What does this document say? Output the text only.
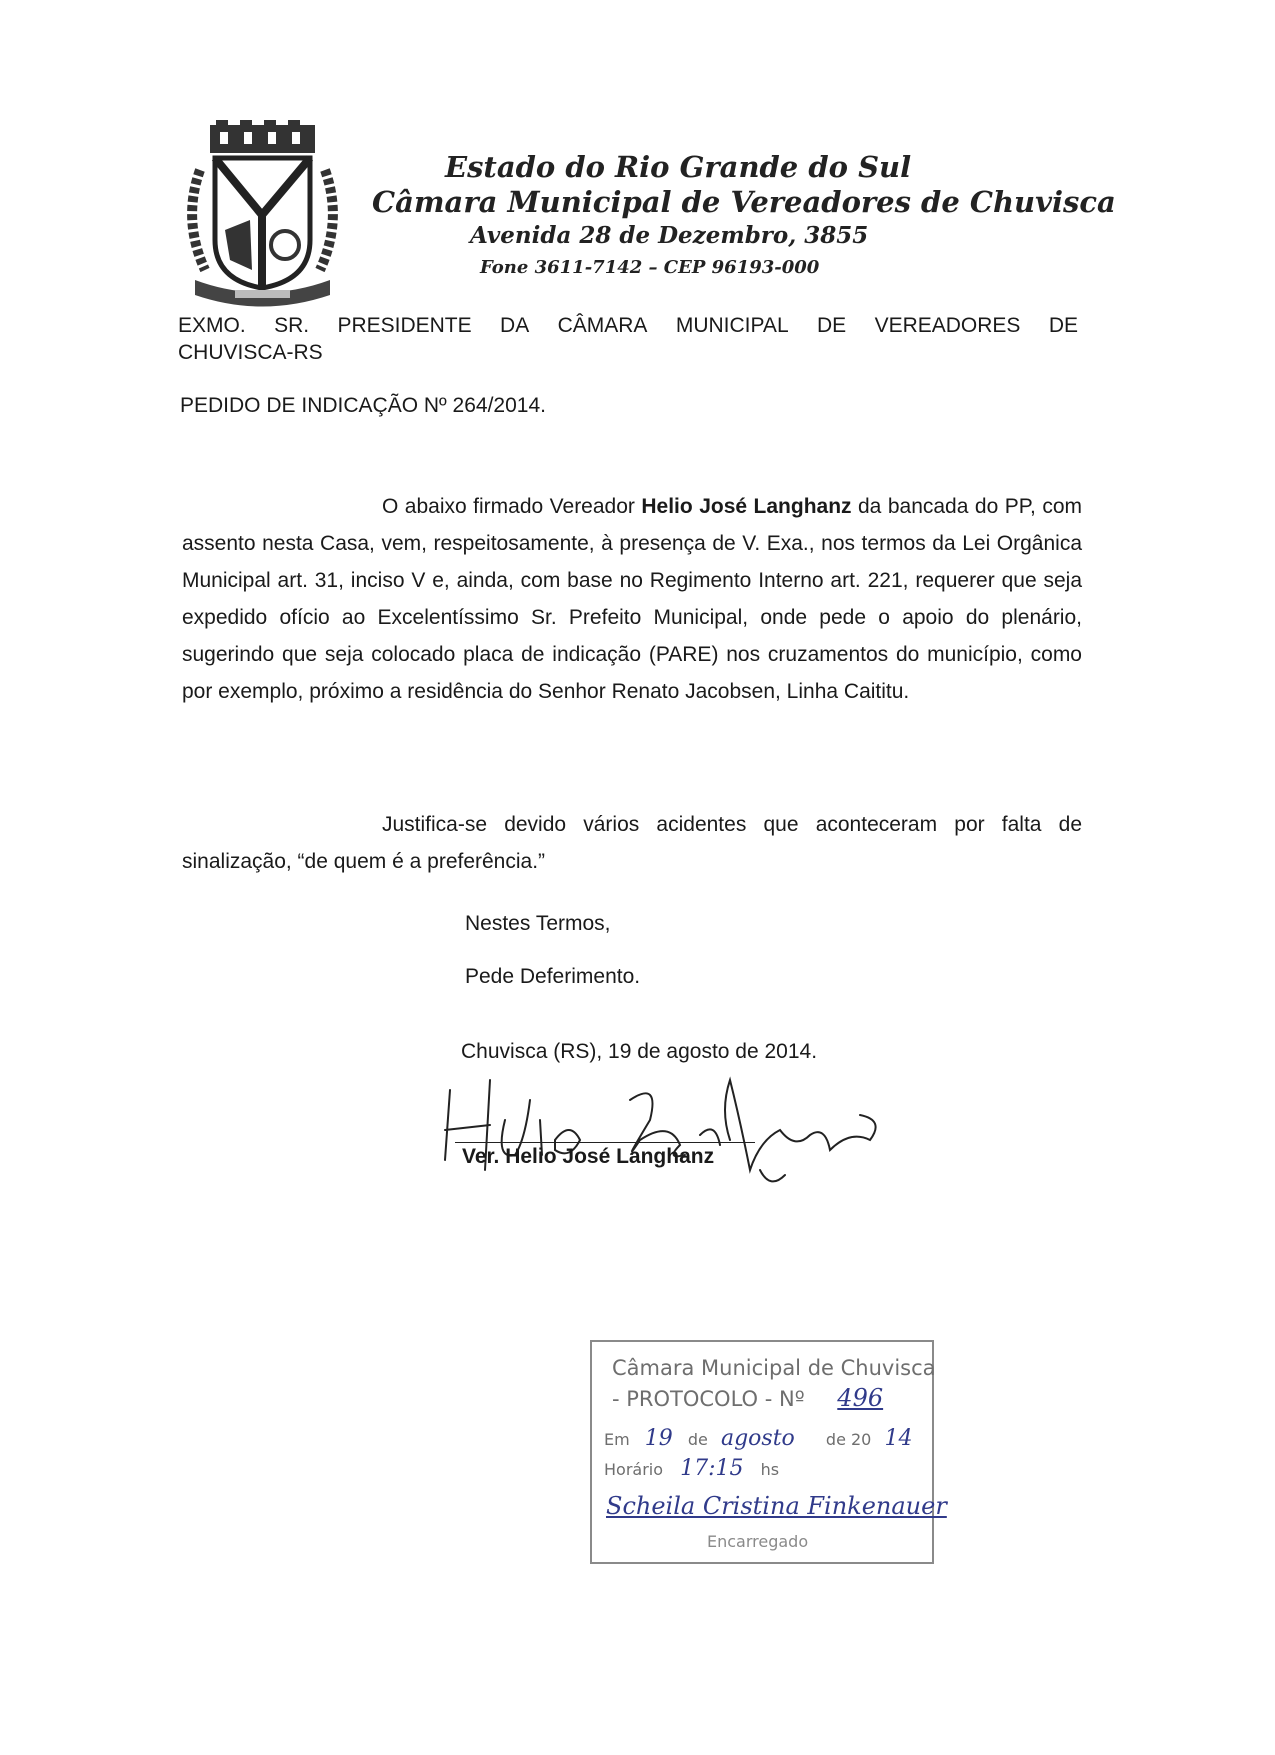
Estado do Rio Grande do Sul
Câmara Municipal de Vereadores de Chuvisca
Avenida 28 de Dezembro, 3855
Fone 3611-7142 – CEP 96193-000
EXMO. SR. PRESIDENTE DA CÂMARA MUNICIPAL DE VEREADORES DE
CHUVISCA-RS
PEDIDO DE INDICAÇÃO Nº 264/2014.
O abaixo firmado Vereador Helio José Langhanz da bancada do PP, com assento nesta Casa, vem, respeitosamente, à presença de V. Exa., nos termos da Lei Orgânica Municipal art. 31, inciso V e, ainda, com base no Regimento Interno art. 221, requerer que seja expedido ofício ao Excelentíssimo Sr. Prefeito Municipal, onde pede o apoio do plenário, sugerindo que seja colocado placa de indicação (PARE) nos cruzamentos do município, como por exemplo, próximo a residência do Senhor Renato Jacobsen, Linha Caititu.
Justifica-se devido vários acidentes que aconteceram por falta de sinalização, “de quem é a preferência.”
Nestes Termos,
Pede Deferimento.
Chuvisca (RS), 19 de agosto de 2014.
Ver. Helio José Langhanz
Câmara Municipal de Chuvisca
- PROTOCOLO - Nº 496
Em 19 de agosto de 20 14
Horário 17:15 hs
Scheila Cristina Finkenauer
Encarregado
